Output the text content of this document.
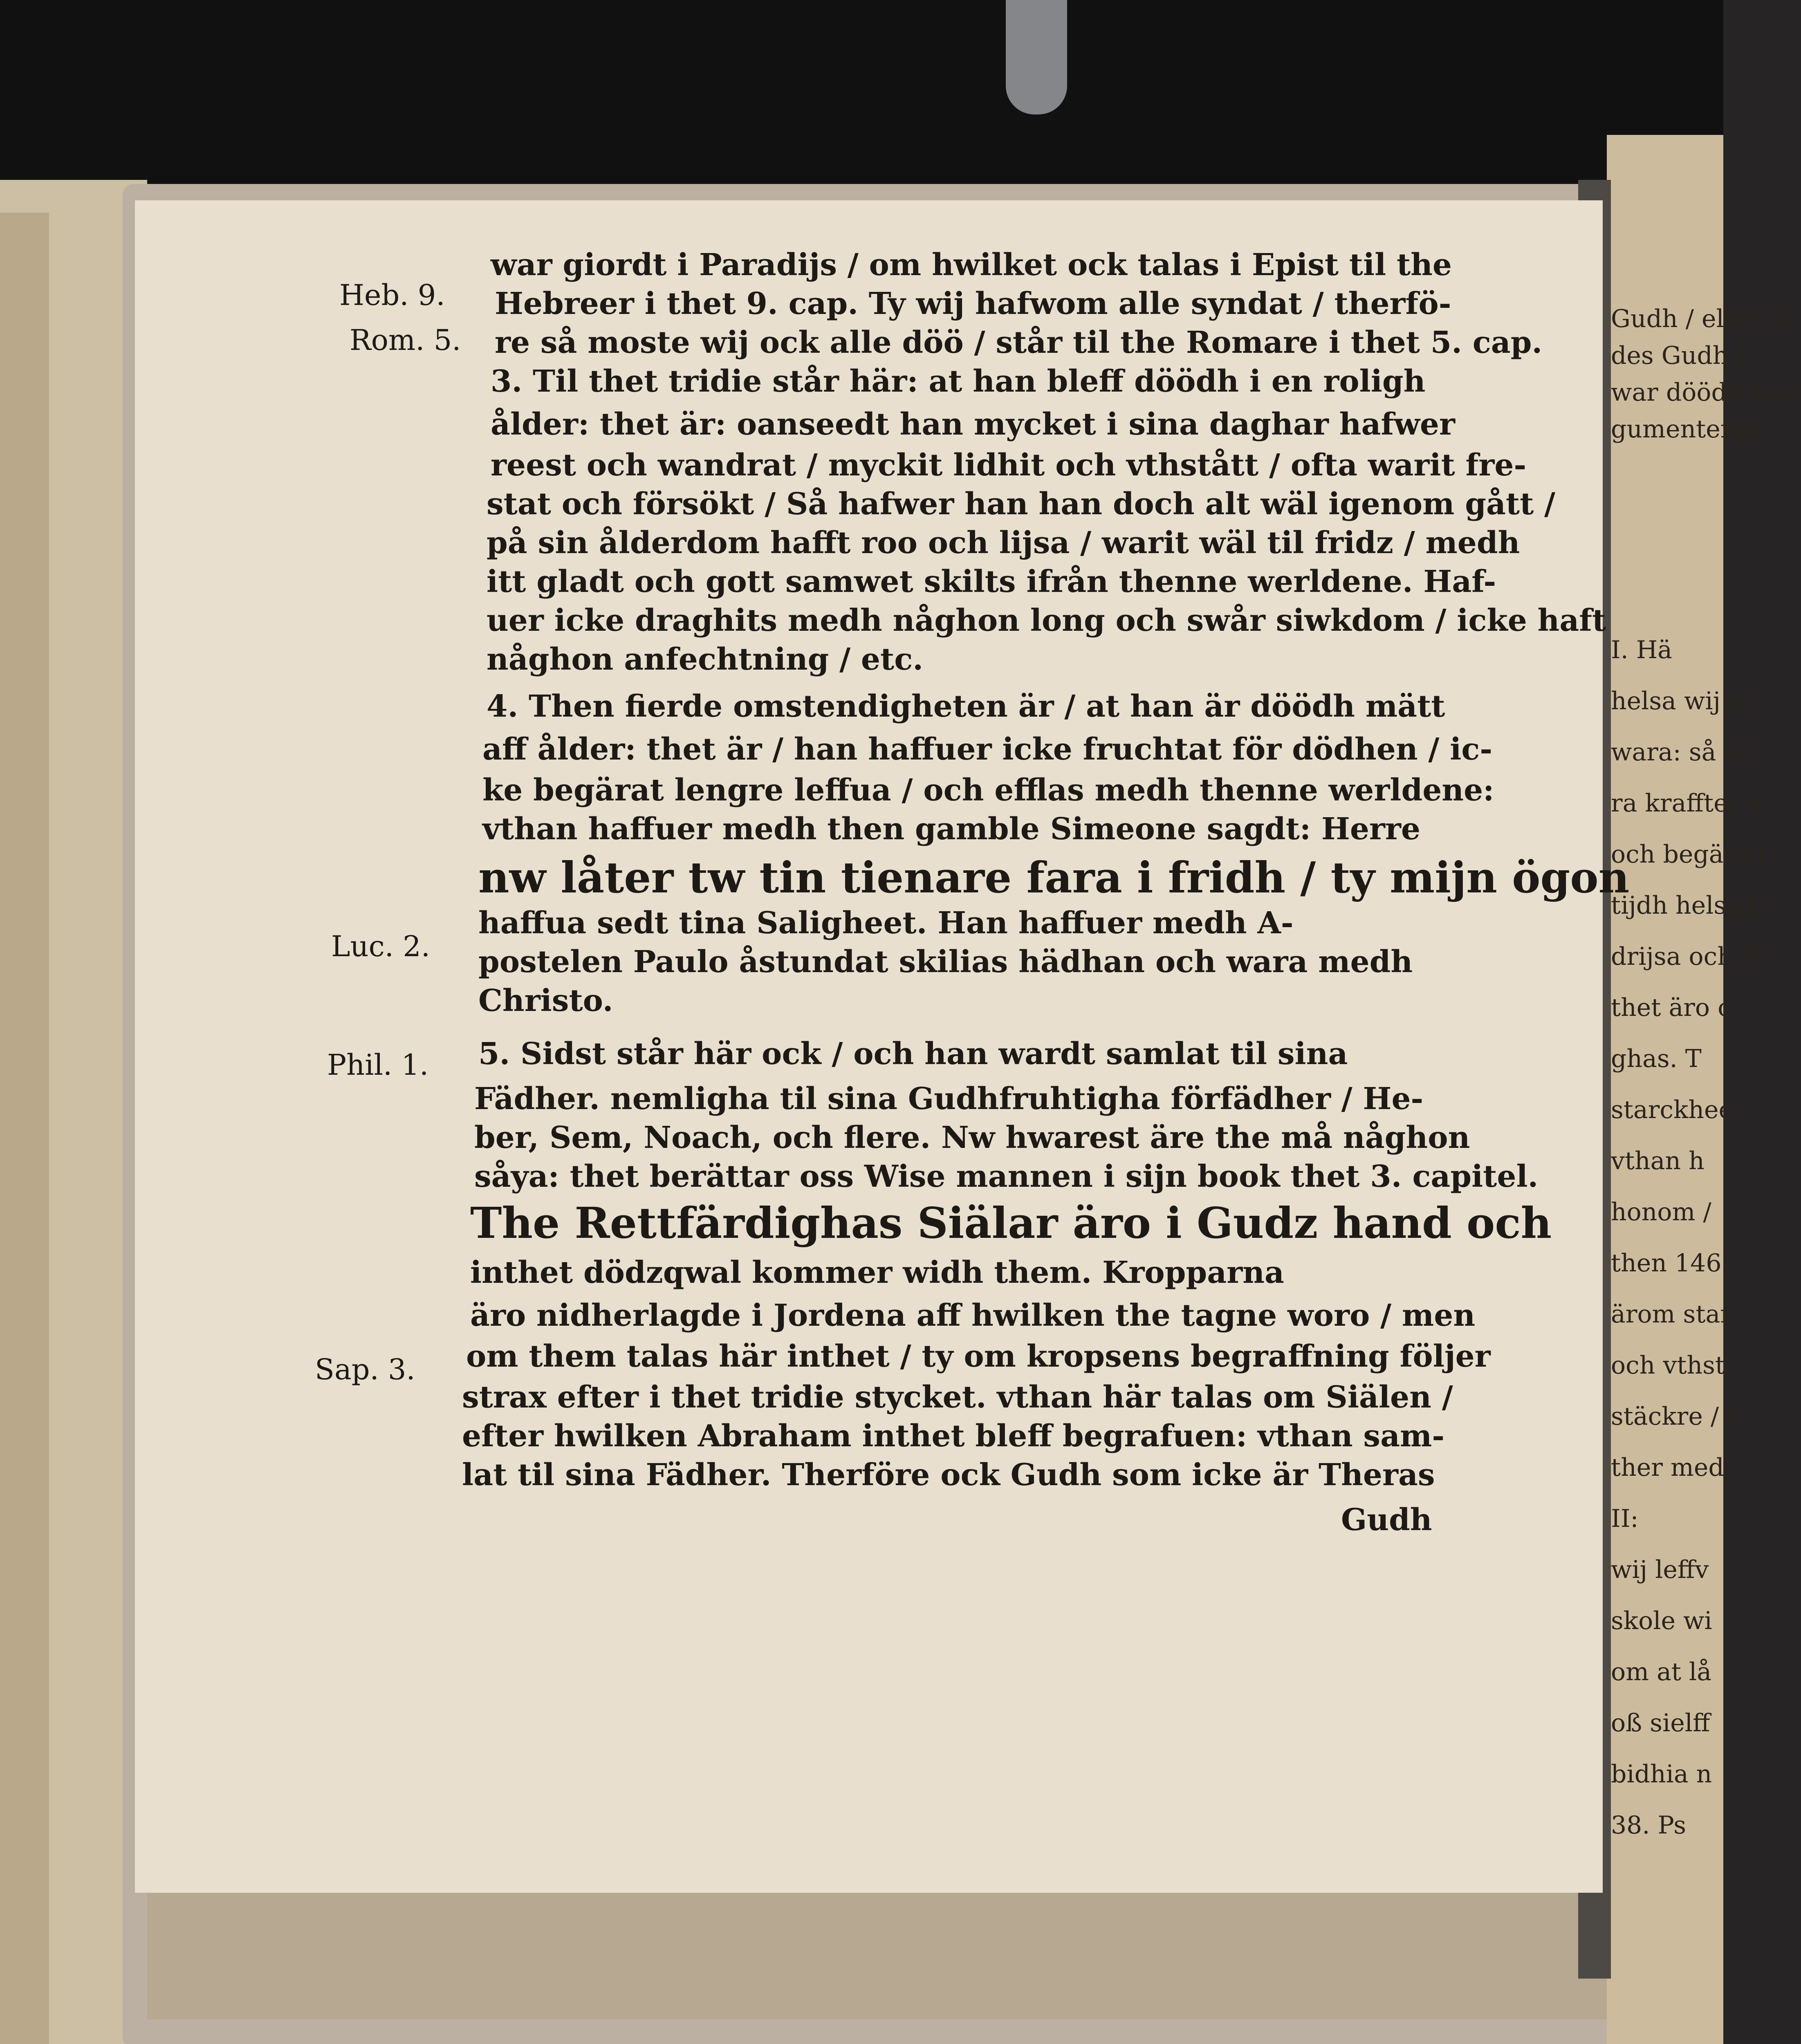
Gudh / eller th
des Gudh /
war döödh som
gumenteran
I. Hä
helsa wij m
wara: så wi
ra kraffter a
och begära l
tijdh helsa o
drijsa och fö
thet äro o
ghas. T
starckhee
vthan h
honom /
then 146.
ärom star
och vthst
stäckre / t
ther med
II:
wij leffv
skole wi
om at lå
oß sielff
bidhia n
38. Ps
Heb. 9.
Rom. 5.
Luc. 2.
Phil. 1.
Sap. 3.
war giordt i Paradijs / om hwilket ock talas i Epist til the
Hebreer i thet 9. cap. Ty wij hafwom alle syndat / therfö-
re så moste wij ock alle döö / står til the Romare i thet 5. cap.
3. Til thet tridie står här: at han bleff döödh i en roligh
ålder: thet är: oanseedt han mycket i sina daghar hafwer
reest och wandrat / myckit lidhit och vthstått / ofta warit fre-
stat och försökt / Så hafwer han han doch alt wäl igenom gått /
på sin ålderdom hafft roo och lijsa / warit wäl til fridz / medh
itt gladt och gott samwet skilts ifrån thenne werldene. Haf-
uer icke draghits medh någhon long och swår siwkdom / icke haft
någhon anfechtning / etc.
4. Then fierde omstendigheten är / at han är döödh mätt
aff ålder: thet är / han haffuer icke fruchtat för dödhen / ic-
ke begärat lengre leffua / och efflas medh thenne werldene:
vthan haffuer medh then gamble Simeone sagdt: Herre
nw låter tw tin tienare fara i fridh / ty mijn ögon
haffua sedt tina Saligheet. Han haffuer medh A-
postelen Paulo åstundat skilias hädhan och wara medh
Christo.
5. Sidst står här ock / och han wardt samlat til sina
Fädher. nemligha til sina Gudhfruhtigha förfädher / He-
ber, Sem, Noach, och flere. Nw hwarest äre the må någhon
såya: thet berättar oss Wise mannen i sijn book thet 3. capitel.
The Rettfärdighas Siälar äro i Gudz hand och
inthet dödzqwal kommer widh them. Kropparna
äro nidherlagde i Jordena aff hwilken the tagne woro / men
om them talas här inthet / ty om kropsens begraffning följer
strax efter i thet tridie stycket. vthan här talas om Siälen /
efter hwilken Abraham inthet bleff begrafuen: vthan sam-
lat til sina Fädher. Therföre ock Gudh som icke är Theras
Gudh
